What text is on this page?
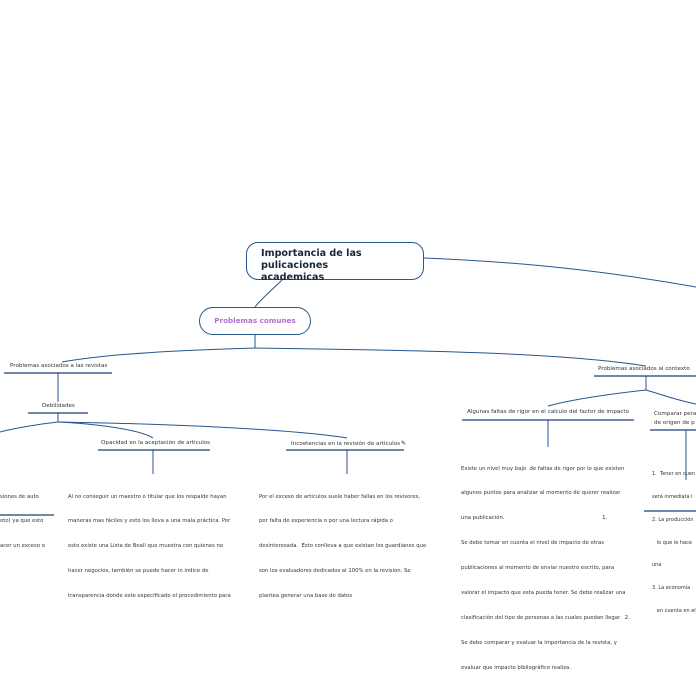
Importancia de las pulicaciones
academicas
Problemas comunes
Problemas asociados a las revistas	Problemas asociados al contexto
Debilidades
Opacidad en la aceptación de articulos	Incoetencias en la revisión de articulos✎
Algunas faltas de rigor en el calculo del factor de impacto	Comparar pera
de origen de p

siones de auto

oto) ya que esto

acer un exceso o

Al no conseguir un maestro o titular que los respalde hayan

maneras mas fáciles y esto los lleva a una mala práctica. Por

esto existe una Lista de Beall que muestra con quienes no

hacer negocios, también se puede hacer in índice de

transparencia donde este especificado el procedimiento para

Por el exceso de articulos suele haber fallas en los revisores,

por falta de experiencia o por una lectura rápida o

desinteresada.  Esto conlleva a que existan los guardianes que

son los evaluadores dedicados al 100% en la revisión. Se

plantea generar una base de datos

Existe un nivel muy bajo  de faltas de rigor por lo que existen

algunos puntos para analizar al momento de querer realizar

una publicación.                                                          1.

Se debe tomar en cuenta el nivel de impacto de otras

publicaciones al momento de enviar nuestro escrito, para

valorar el impacto que esta pueda tener. Se debe realizar una

clasificación del tipo de personas a las cuales puedan llegar.  2.

Se debe comparar y evaluar la importancia de la revista, y

evaluar que impacto bibliográfico realiza.

1.  Tener en cuen

será inmediata l

2. La producción

lo que le hace

una

3. La economía

en cuenta en el
